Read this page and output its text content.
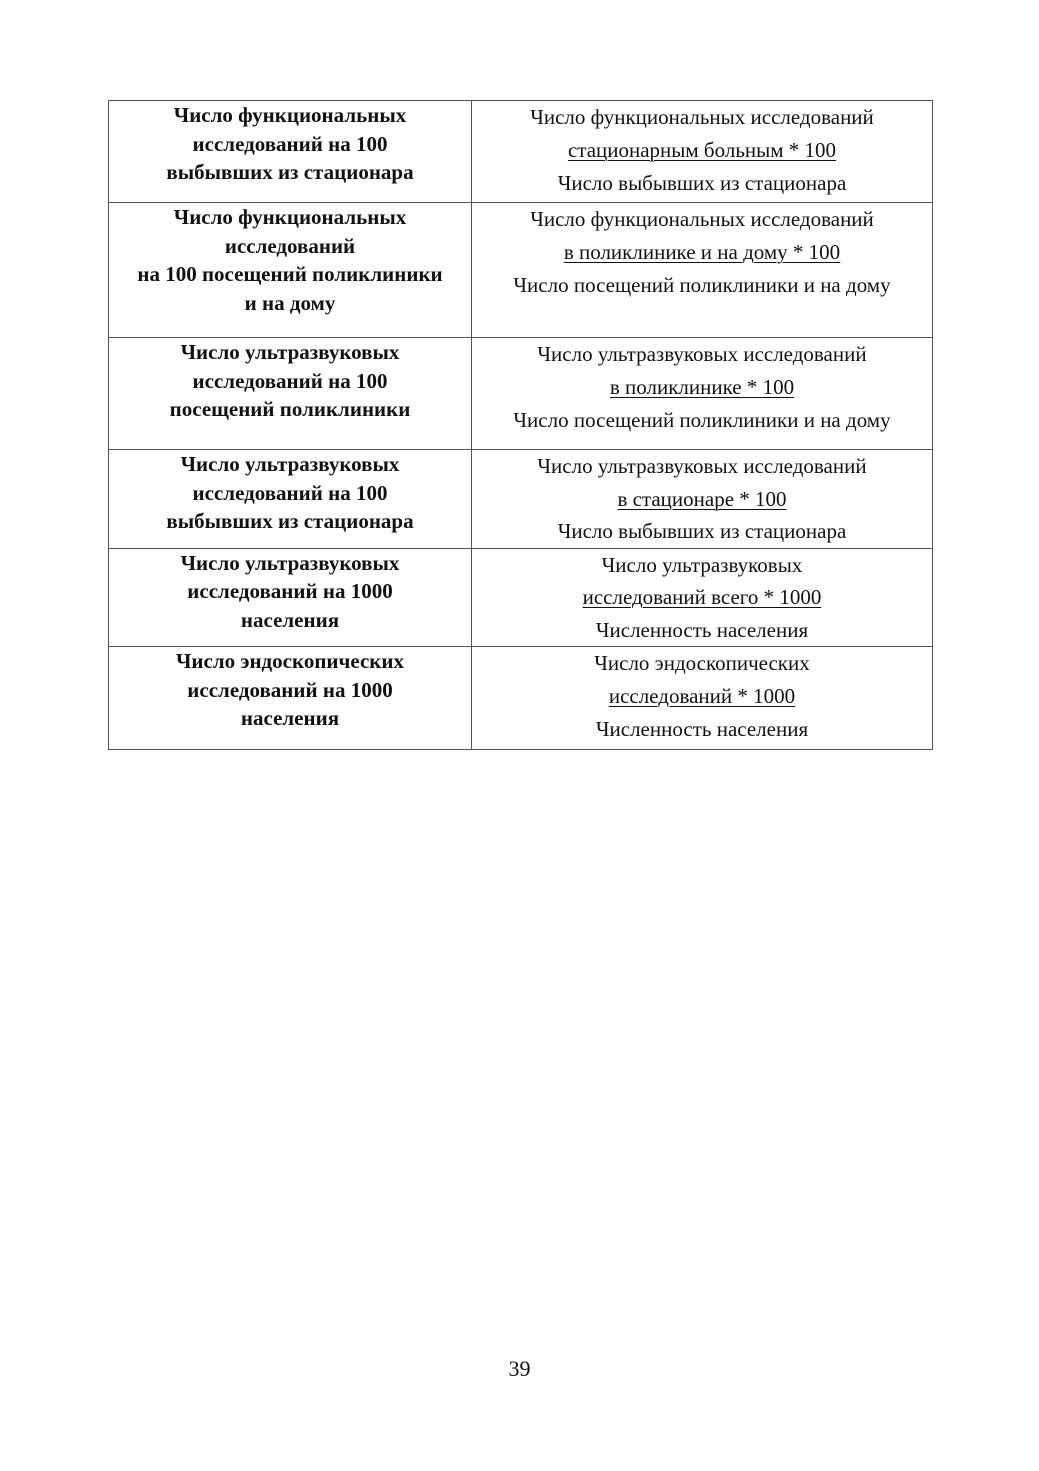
Число функциональных
исследований на 100
выбывших из стационара	Число функциональных исследований
стационарным больным * 100
Число выбывших из стационара

Число функциональных
исследований
на 100 посещений поликлиники
и на дому	Число функциональных исследований
в поликлинике и на дому * 100
Число посещений поликлиники и на дому

Число ультразвуковых
исследований на 100
посещений поликлиники	Число ультразвуковых исследований
в поликлинике * 100
Число посещений поликлиники и на дому

Число ультразвуковых
исследований на 100
выбывших из стационара	Число ультразвуковых исследований
в стационаре * 100
Число выбывших из стационара

Число ультразвуковых
исследований на 1000
населения	Число ультразвуковых
исследований всего * 1000
Численность населения

Число эндоскопических
исследований на 1000
населения	Число эндоскопических
исследований * 1000
Численность населения
39
